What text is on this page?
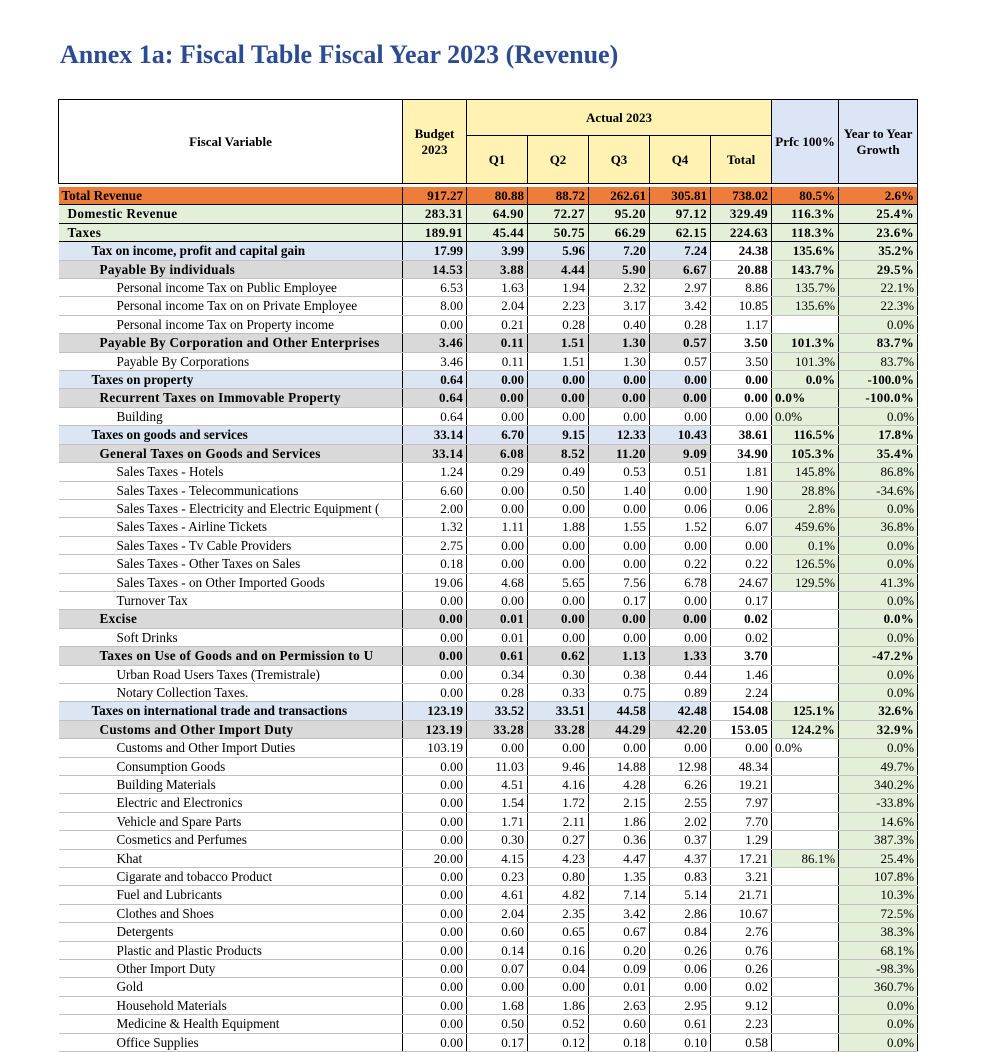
Annex 1a: Fiscal Table Fiscal Year 2023 (Revenue)
Fiscal Variable	Budget 2023	Actual 2023					Prfc 100%	Year to Year Growth
		Q1	Q2	Q3	Q4	Total		

Total Revenue	917.27	80.88	88.72	262.61	305.81	738.02	80.5%	2.6%
Domestic Revenue	283.31	64.90	72.27	95.20	97.12	329.49	116.3%	25.4%
Taxes	189.91	45.44	50.75	66.29	62.15	224.63	118.3%	23.6%
Tax on income, profit and capital gain	17.99	3.99	5.96	7.20	7.24	24.38	135.6%	35.2%
Payable By individuals	14.53	3.88	4.44	5.90	6.67	20.88	143.7%	29.5%
Personal income Tax on Public Employee	6.53	1.63	1.94	2.32	2.97	8.86	135.7%	22.1%
Personal income Tax on on Private Employee	8.00	2.04	2.23	3.17	3.42	10.85	135.6%	22.3%
Personal income Tax on Property income	0.00	0.21	0.28	0.40	0.28	1.17		0.0%
Payable By Corporation and Other Enterprises	3.46	0.11	1.51	1.30	0.57	3.50	101.3%	83.7%
Payable By Corporations	3.46	0.11	1.51	1.30	0.57	3.50	101.3%	83.7%
Taxes on property	0.64	0.00	0.00	0.00	0.00	0.00	0.0%	-100.0%
Recurrent Taxes on Immovable Property	0.64	0.00	0.00	0.00	0.00	0.00	0.0%	-100.0%
Building	0.64	0.00	0.00	0.00	0.00	0.00	0.0%	0.0%
Taxes on goods and services	33.14	6.70	9.15	12.33	10.43	38.61	116.5%	17.8%
General Taxes on Goods and Services	33.14	6.08	8.52	11.20	9.09	34.90	105.3%	35.4%
Sales Taxes - Hotels	1.24	0.29	0.49	0.53	0.51	1.81	145.8%	86.8%
Sales Taxes - Telecommunications	6.60	0.00	0.50	1.40	0.00	1.90	28.8%	-34.6%
Sales Taxes - Electricity and Electric Equipment (	2.00	0.00	0.00	0.00	0.06	0.06	2.8%	0.0%
Sales Taxes - Airline Tickets	1.32	1.11	1.88	1.55	1.52	6.07	459.6%	36.8%
Sales Taxes - Tv Cable Providers	2.75	0.00	0.00	0.00	0.00	0.00	0.1%	0.0%
Sales Taxes - Other Taxes on Sales	0.18	0.00	0.00	0.00	0.22	0.22	126.5%	0.0%
Sales Taxes - on Other Imported Goods	19.06	4.68	5.65	7.56	6.78	24.67	129.5%	41.3%
Turnover Tax	0.00	0.00	0.00	0.17	0.00	0.17		0.0%
Excise	0.00	0.01	0.00	0.00	0.00	0.02		0.0%
Soft Drinks	0.00	0.01	0.00	0.00	0.00	0.02		0.0%
Taxes on Use of Goods and on Permission to U	0.00	0.61	0.62	1.13	1.33	3.70		-47.2%
Urban Road Users Taxes (Tremistrale)	0.00	0.34	0.30	0.38	0.44	1.46		0.0%
Notary Collection Taxes.	0.00	0.28	0.33	0.75	0.89	2.24		0.0%
Taxes on international trade and transactions	123.19	33.52	33.51	44.58	42.48	154.08	125.1%	32.6%
Customs and Other Import Duty	123.19	33.28	33.28	44.29	42.20	153.05	124.2%	32.9%
Customs and Other Import Duties	103.19	0.00	0.00	0.00	0.00	0.00	0.0%	0.0%
Consumption Goods	0.00	11.03	9.46	14.88	12.98	48.34		49.7%
Building Materials	0.00	4.51	4.16	4.28	6.26	19.21		340.2%
Electric and Electronics	0.00	1.54	1.72	2.15	2.55	7.97		-33.8%
Vehicle and Spare Parts	0.00	1.71	2.11	1.86	2.02	7.70		14.6%
Cosmetics and Perfumes	0.00	0.30	0.27	0.36	0.37	1.29		387.3%
Khat	20.00	4.15	4.23	4.47	4.37	17.21	86.1%	25.4%
Cigarate and tobacco Product	0.00	0.23	0.80	1.35	0.83	3.21		107.8%
Fuel and Lubricants	0.00	4.61	4.82	7.14	5.14	21.71		10.3%
Clothes and Shoes	0.00	2.04	2.35	3.42	2.86	10.67		72.5%
Detergents	0.00	0.60	0.65	0.67	0.84	2.76		38.3%
Plastic and Plastic Products	0.00	0.14	0.16	0.20	0.26	0.76		68.1%
Other Import Duty	0.00	0.07	0.04	0.09	0.06	0.26		-98.3%
Gold	0.00	0.00	0.00	0.01	0.00	0.02		360.7%
Household Materials	0.00	1.68	1.86	2.63	2.95	9.12		0.0%
Medicine & Health Equipment	0.00	0.50	0.52	0.60	0.61	2.23		0.0%
Office Supplies	0.00	0.17	0.12	0.18	0.10	0.58		0.0%
